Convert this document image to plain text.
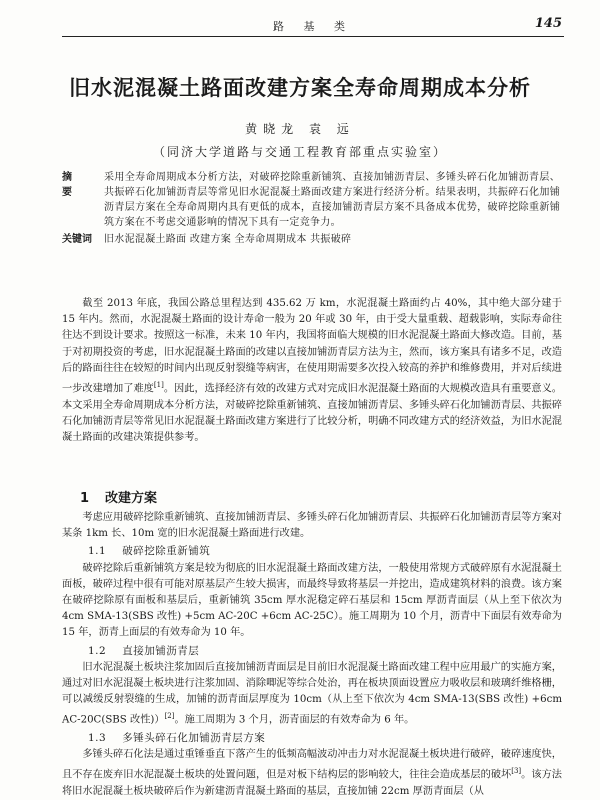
路 基 类	145
旧水泥混凝土路面改建方案全寿命周期成本分析
黄晓龙 袁 远
（同济大学道路与交通工程教育部重点实验室）
摘 要
采用全寿命周期成本分析方法，对破碎挖除重新铺筑、直接加铺沥青层、多锤头碎石化加铺沥青层、共振碎石化加铺沥青层等常见旧水泥混凝土路面改建方案进行经济分析。结果表明，共振碎石化加铺沥青层方案在全寿命周期内具有更低的成本，直接加铺沥青层方案不具备成本优势，破碎挖除重新铺筑方案在不考虑交通影响的情况下具有一定竞争力。
关键词	旧水泥混凝土路面 改建方案 全寿命周期成本 共振破碎

截至 2013 年底，我国公路总里程达到 435.62 万 km，水泥混凝土路面约占 40%，其中绝大部分建于 15 年内。然而，水泥混凝土路面的设计寿命一般为 20 年或 30 年，由于受大量重载、超载影响，实际寿命往往达不到设计要求。按照这一标准，未来 10 年内，我国将面临大规模的旧水泥混凝土路面大修改造。目前，基于对初期投资的考虑，旧水泥混凝土路面的改建以直接加铺沥青层方法为主，然而，该方案具有诸多不足，改造后的路面往往在较短的时间内出现反射裂缝等病害，在使用期需要多次投入较高的养护和维修费用，并对后续进一步改建增加了难度[1]。因此，选择经济有效的改建方式对完成旧水泥混凝土路面的大规模改造具有重要意义。本文采用全寿命周期成本分析方法，对破碎挖除重新铺筑、直接加铺沥青层、多锤头碎石化加铺沥青层、共振碎石化加铺沥青层等常见旧水泥混凝土路面改建方案进行了比较分析，明确不同改建方式的经济效益，为旧水泥混凝土路面的改建决策提供参考。

1 改建方案

考虑应用破碎挖除重新铺筑、直接加铺沥青层、多锤头碎石化加铺沥青层、共振碎石化加铺沥青层等方案对某条 1km 长、10m 宽的旧水泥混凝土路面进行改建。

1.1 破碎挖除重新铺筑

破碎挖除后重新铺筑方案是较为彻底的旧水泥混凝土路面改建方法，一般使用常规方式破碎原有水泥混凝土面板，破碎过程中很有可能对原基层产生较大损害，而最终导致将基层一并挖出，造成建筑材料的浪费。该方案在破碎挖除原有面板和基层后，重新铺筑 35cm 厚水泥稳定碎石基层和 15cm 厚沥青面层（从上至下依次为 4cm SMA-13(SBS 改性) +5cm AC-20C +6cm AC-25C）。施工周期为 10 个月，沥青中下面层有效寿命为 15 年，沥青上面层的有效寿命为 10 年。

1.2 直接加铺沥青层

旧水泥混凝土板块注浆加固后直接加铺沥青面层是目前旧水泥混凝土路面改建工程中应用最广的实施方案，通过对旧水泥混凝土板块进行注浆加固、消除唧泥等综合处治，再在板块顶面设置应力吸收层和玻璃纤维格栅，可以减缓反射裂缝的生成，加铺的沥青面层厚度为 10cm（从上至下依次为 4cm SMA-13(SBS 改性) +6cm AC-20C(SBS 改性)）[2]。施工周期为 3 个月，沥青面层的有效寿命为 6 年。

1.3 多锤头碎石化加铺沥青层方案

多锤头碎石化法是通过重锤垂直下落产生的低频高幅波动冲击力对水泥混凝土板块进行破碎，破碎速度快，且不存在废弃旧水泥混凝土板块的处置问题，但是对板下结构层的影响较大，往往会造成基层的破坏[3]。该方法将旧水泥混凝土板块破碎后作为新建沥青混凝土路面的基层，直接加铺 22cm 厚沥青面层（从
